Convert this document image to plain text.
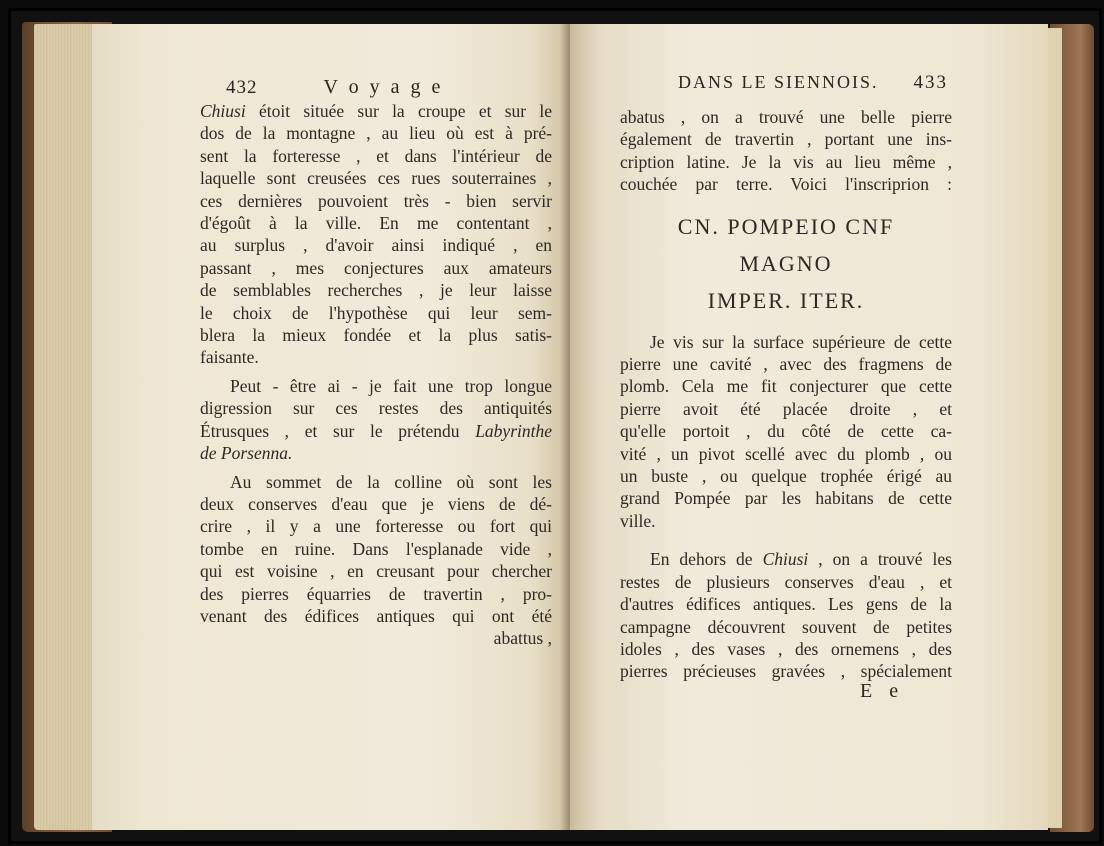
432	V o y a g e
Chiusi étoit située sur la croupe et sur le
dos de la montagne , au lieu où est à pré-
sent la forteresse , et dans l'intérieur de
laquelle sont creusées ces rues souterraines ,
ces dernières pouvoient très - bien servir
d'égoût à la ville. En me contentant ,
au surplus , d'avoir ainsi indiqué , en
passant , mes conjectures aux amateurs
de semblables recherches , je leur laisse
le choix de l'hypothèse qui leur sem-
blera la mieux fondée et la plus satis-
faisante.
Peut - être ai - je fait une trop longue
digression sur ces restes des antiquités
Étrusques , et sur le prétendu Labyrinthe
de Porsenna.
Au sommet de la colline où sont les
deux conserves d'eau que je viens de dé-
crire , il y a une forteresse ou fort qui
tombe en ruine. Dans l'esplanade vide ,
qui est voisine , en creusant pour chercher
des pierres équarries de travertin , pro-
venant des édifices antiques qui ont été
abattus ,
DANS LE SIENNOIS. 433
abatus , on a trouvé une belle pierre
également de travertin , portant une ins-
cription latine. Je la vis au lieu même ,
couchée par terre. Voici l'inscriprion :
CN. POMPEIO CNF
MAGNO
IMPER. ITER.
Je vis sur la surface supérieure de cette
pierre une cavité , avec des fragmens de
plomb. Cela me fit conjecturer que cette
pierre avoit été placée droite , et
qu'elle portoit , du côté de cette ca-
vité , un pivot scellé avec du plomb , ou
un buste , ou quelque trophée érigé au
grand Pompée par les habitans de cette
ville.
En dehors de Chiusi , on a trouvé les
restes de plusieurs conserves d'eau , et
d'autres édifices antiques. Les gens de la
campagne découvrent souvent de petites
idoles , des vases , des ornemens , des
pierres précieuses gravées , spécialement
E e
